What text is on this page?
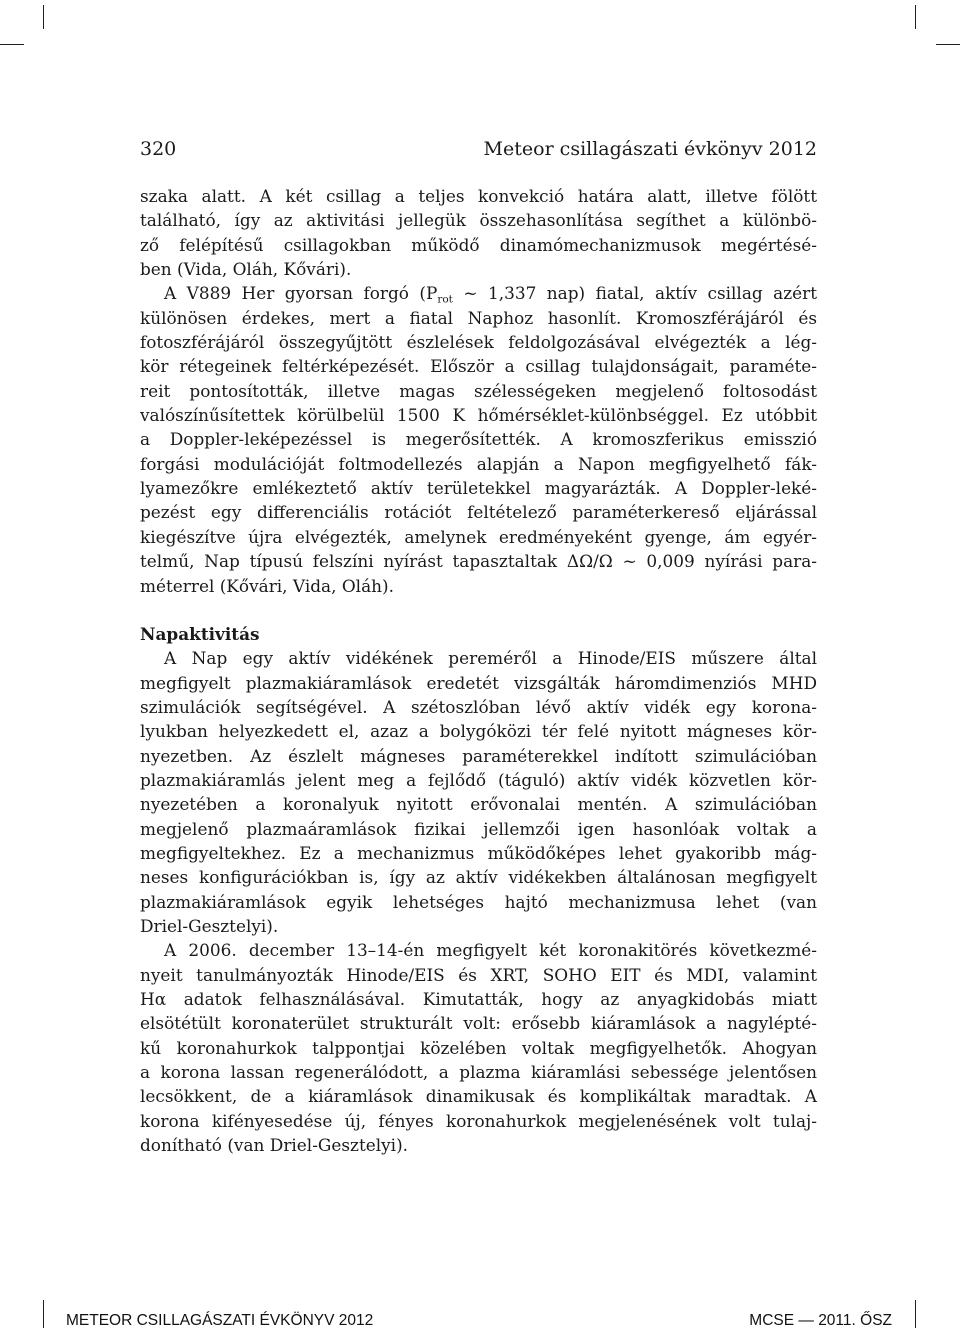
320	Meteor csillagászati évkönyv 2012
szaka alatt. A két csillag a teljes konvekció határa alatt, illetve fölött
található, így az aktivitási jellegük összehasonlítása segíthet a különbö-
ző felépítésű csillagokban működő dinamómechanizmusok megértésé-
ben (Vida, Oláh, Kővári).
A V889 Her gyorsan forgó ($P_{rot}$ ~ 1,337 nap) fiatal, aktív csillag azért
különösen érdekes, mert a fiatal Naphoz hasonlít. Kromoszférájáról és
fotoszférájáról összegyűjtött észlelések feldolgozásával elvégezték a lég-
kör rétegeinek feltérképezését. Először a csillag tulajdonságait, paraméte-
reit pontosították, illetve magas szélességeken megjelenő foltosodást
valószínűsítettek körülbelül 1500 K hőmérséklet-különbséggel. Ez utóbbit
a Doppler-leképezéssel is megerősítették. A kromoszferikus emisszió
forgási modulációját foltmodellezés alapján a Napon megfigyelhető fák-
lyamezőkre emlékeztető aktív területekkel magyarázták. A Doppler-leké-
pezést egy differenciális rotációt feltételező paraméterkereső eljárással
kiegészítve újra elvégezték, amelynek eredményeként gyenge, ám egyér-
telmű, Nap típusú felszíni nyírást tapasztaltak ΔΩ/Ω ~ 0,009 nyírási para-
méterrel (Kővári, Vida, Oláh).
Napaktivitás
A Nap egy aktív vidékének pereméről a Hinode/EIS műszere által
megfigyelt plazmakiáramlások eredetét vizsgálták háromdimenziós MHD
szimulációk segítségével. A szétoszlóban lévő aktív vidék egy korona-
lyukban helyezkedett el, azaz a bolygóközi tér felé nyitott mágneses kör-
nyezetben. Az észlelt mágneses paraméterekkel indított szimulációban
plazmakiáramlás jelent meg a fejlődő (táguló) aktív vidék közvetlen kör-
nyezetében a koronalyuk nyitott erővonalai mentén. A szimulációban
megjelenő plazmaáramlások fizikai jellemzői igen hasonlóak voltak a
megfigyeltekhez. Ez a mechanizmus működőképes lehet gyakoribb mág-
neses konfigurációkban is, így az aktív vidékekben általánosan megfigyelt
plazmakiáramlások egyik lehetséges hajtó mechanizmusa lehet (van
Driel-Gesztelyi).
A 2006. december 13–14-én megfigyelt két koronakitörés következmé-
nyeit tanulmányozták Hinode/EIS és XRT, SOHO EIT és MDI, valamint
Hα adatok felhasználásával. Kimutatták, hogy az anyagkidobás miatt
elsötétült koronaterület strukturált volt: erősebb kiáramlások a nagylépté-
kű koronahurkok talppontjai közelében voltak megfigyelhetők. Ahogyan
a korona lassan regenerálódott, a plazma kiáramlási sebessége jelentősen
lecsökkent, de a kiáramlások dinamikusak és komplikáltak maradtak. A
korona kifényesedése új, fényes koronahurkok megjelenésének volt tulaj-
donítható (van Driel-Gesztelyi).
METEOR CSILLAGÁSZATI ÉVKÖNYV 2012	MCSE — 2011. ŐSZ
